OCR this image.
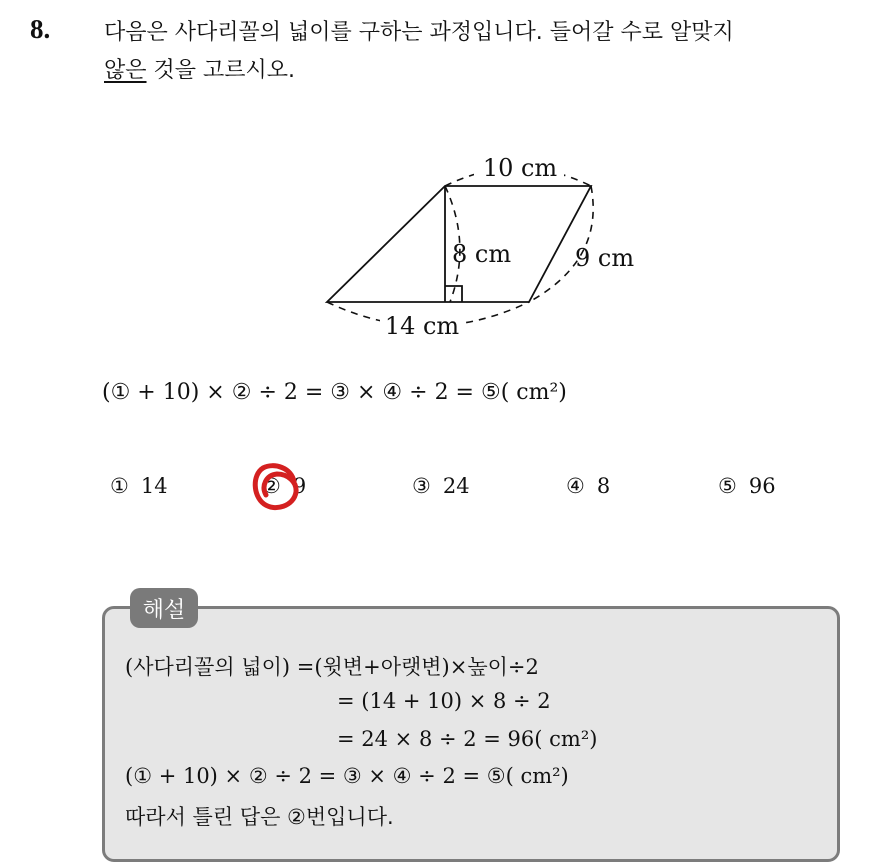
8. 다음은 사다리꼴의 넓이를 구하는 과정입니다. 들어갈 수로 알맞지
않은 것을 고르시오.
10 cm
8 cm	9 cm
14 cm
(① + 10) × ② ÷ 2 = ③ × ④ ÷ 2 = ⑤( cm²)
① 14	② 9	③ 24	④ 8	⑤ 96
(사다리꼴의 넓이) =(윗변+아랫변)×높이÷2
= (14 + 10) × 8 ÷ 2
= 24 × 8 ÷ 2 = 96( cm²)
(① + 10) × ② ÷ 2 = ③ × ④ ÷ 2 = ⑤( cm²)
따라서 틀린 답은 ②번입니다.
해설
